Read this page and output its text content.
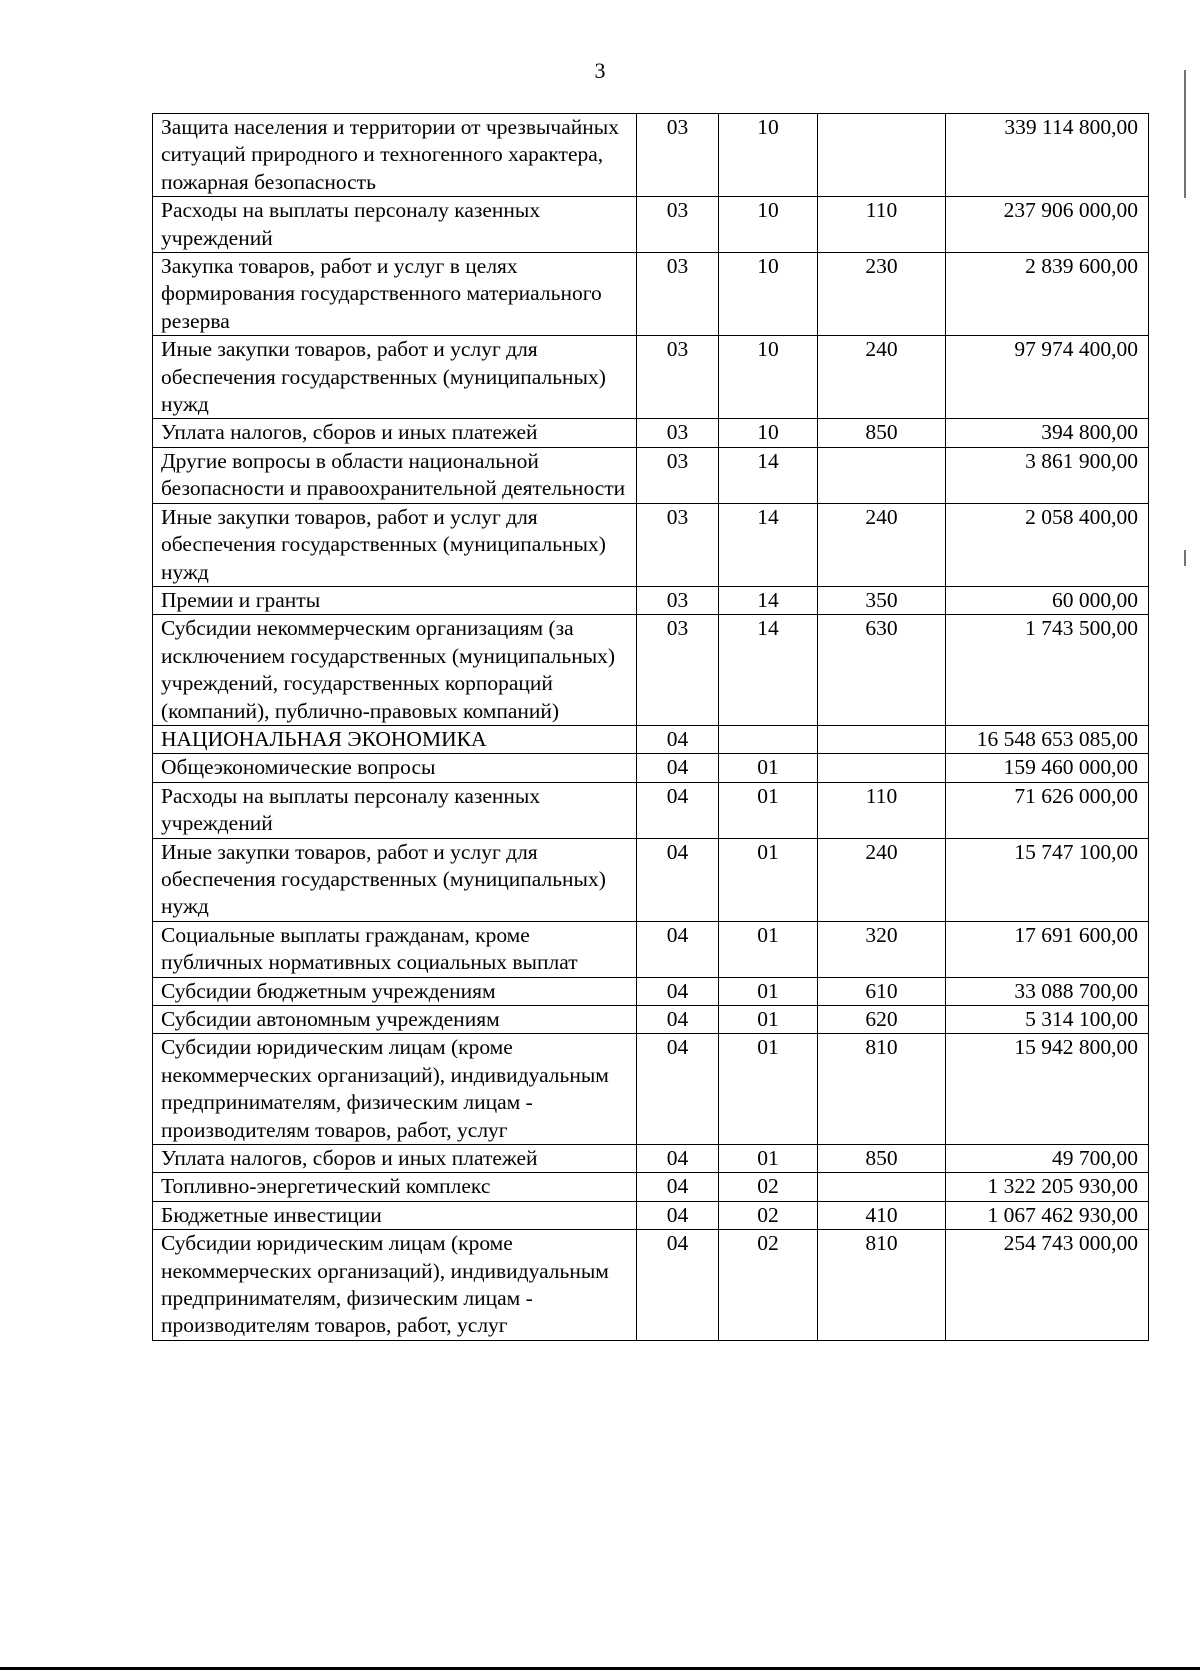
3
Защита населения и территории от чрезвычайных ситуаций природного и техногенного характера, пожарная безопасность	03	10		339 114 800,00
Расходы на выплаты персоналу казенных учреждений	03	10	110	237 906 000,00
Закупка товаров, работ и услуг в целях формирования государственного материального резерва	03	10	230	2 839 600,00
Иные закупки товаров, работ и услуг для обеспечения государственных (муниципальных) нужд	03	10	240	97 974 400,00
Уплата налогов, сборов и иных платежей	03	10	850	394 800,00
Другие вопросы в области национальной безопасности и правоохранительной деятельности	03	14		3 861 900,00
Иные закупки товаров, работ и услуг для обеспечения государственных (муниципальных) нужд	03	14	240	2 058 400,00
Премии и гранты	03	14	350	60 000,00
Субсидии некоммерческим организациям (за исключением государственных (муниципальных) учреждений, государственных корпораций (компаний), публично-правовых компаний)	03	14	630	1 743 500,00
НАЦИОНАЛЬНАЯ ЭКОНОМИКА	04			16 548 653 085,00
Общеэкономические вопросы	04	01		159 460 000,00
Расходы на выплаты персоналу казенных учреждений	04	01	110	71 626 000,00
Иные закупки товаров, работ и услуг для обеспечения государственных (муниципальных) нужд	04	01	240	15 747 100,00
Социальные выплаты гражданам, кроме публичных нормативных социальных выплат	04	01	320	17 691 600,00
Субсидии бюджетным учреждениям	04	01	610	33 088 700,00
Субсидии автономным учреждениям	04	01	620	5 314 100,00
Субсидии юридическим лицам (кроме некоммерческих организаций), индивидуальным предпринимателям, физическим лицам - производителям товаров, работ, услуг	04	01	810	15 942 800,00
Уплата налогов, сборов и иных платежей	04	01	850	49 700,00
Топливно-энергетический комплекс	04	02		1 322 205 930,00
Бюджетные инвестиции	04	02	410	1 067 462 930,00
Субсидии юридическим лицам (кроме некоммерческих организаций), индивидуальным предпринимателям, физическим лицам - производителям товаров, работ, услуг	04	02	810	254 743 000,00
